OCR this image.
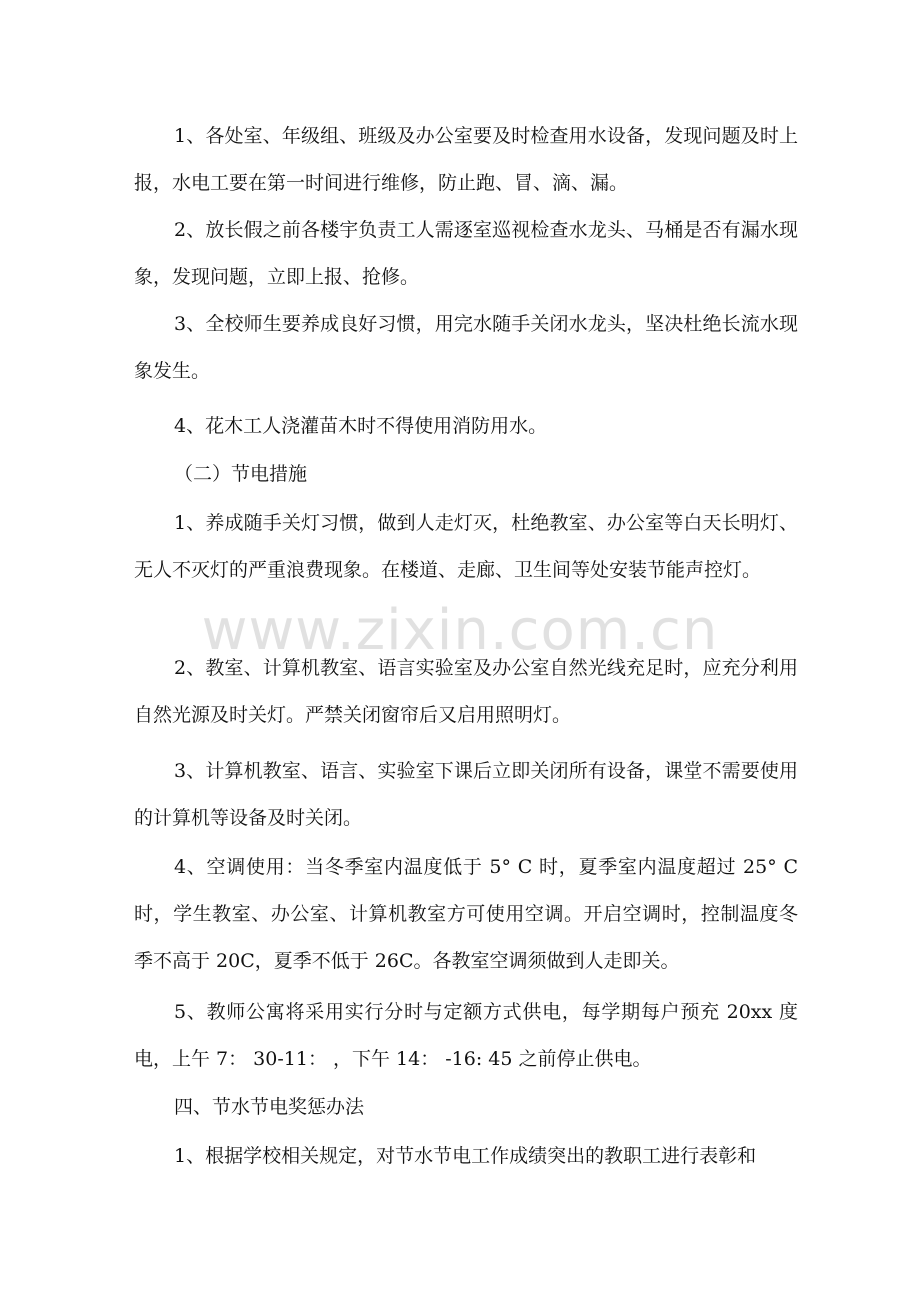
1、各处室、年级组、班级及办公室要及时检查用水设备，发现问题及时上报，水电工要在第一时间进行维修，防止跑、冒、滴、漏。

2、放长假之前各楼宇负责工人需逐室巡视检查水龙头、马桶是否有漏水现象，发现问题，立即上报、抢修。

3、全校师生要养成良好习惯，用完水随手关闭水龙头，坚决杜绝长流水现象发生。

4、花木工人浇灌苗木时不得使用消防用水。

（二）节电措施

1、养成随手关灯习惯，做到人走灯灭，杜绝教室、办公室等白天长明灯、无人不灭灯的严重浪费现象。在楼道、走廊、卫生间等处安装节能声控灯。

2、教室、计算机教室、语言实验室及办公室自然光线充足时，应充分利用自然光源及时关灯。严禁关闭窗帘后又启用照明灯。

3、计算机教室、语言、实验室下课后立即关闭所有设备，课堂不需要使用的计算机等设备及时关闭。

4、空调使用：当冬季室内温度低于 5° C 时，夏季室内温度超过 25° C 时，学生教室、办公室、计算机教室方可使用空调。开启空调时，控制温度冬季不高于 20C，夏季不低于 26C。各教室空调须做到人走即关。

5、教师公寓将采用实行分时与定额方式供电，每学期每户预充 20xx 度电，上午 7： 30-11： ，下午 14： -16: 45 之前停止供电。

四、节水节电奖惩办法

1、根据学校相关规定，对节水节电工作成绩突出的教职工进行表彰和

www.zixin.com.cn
